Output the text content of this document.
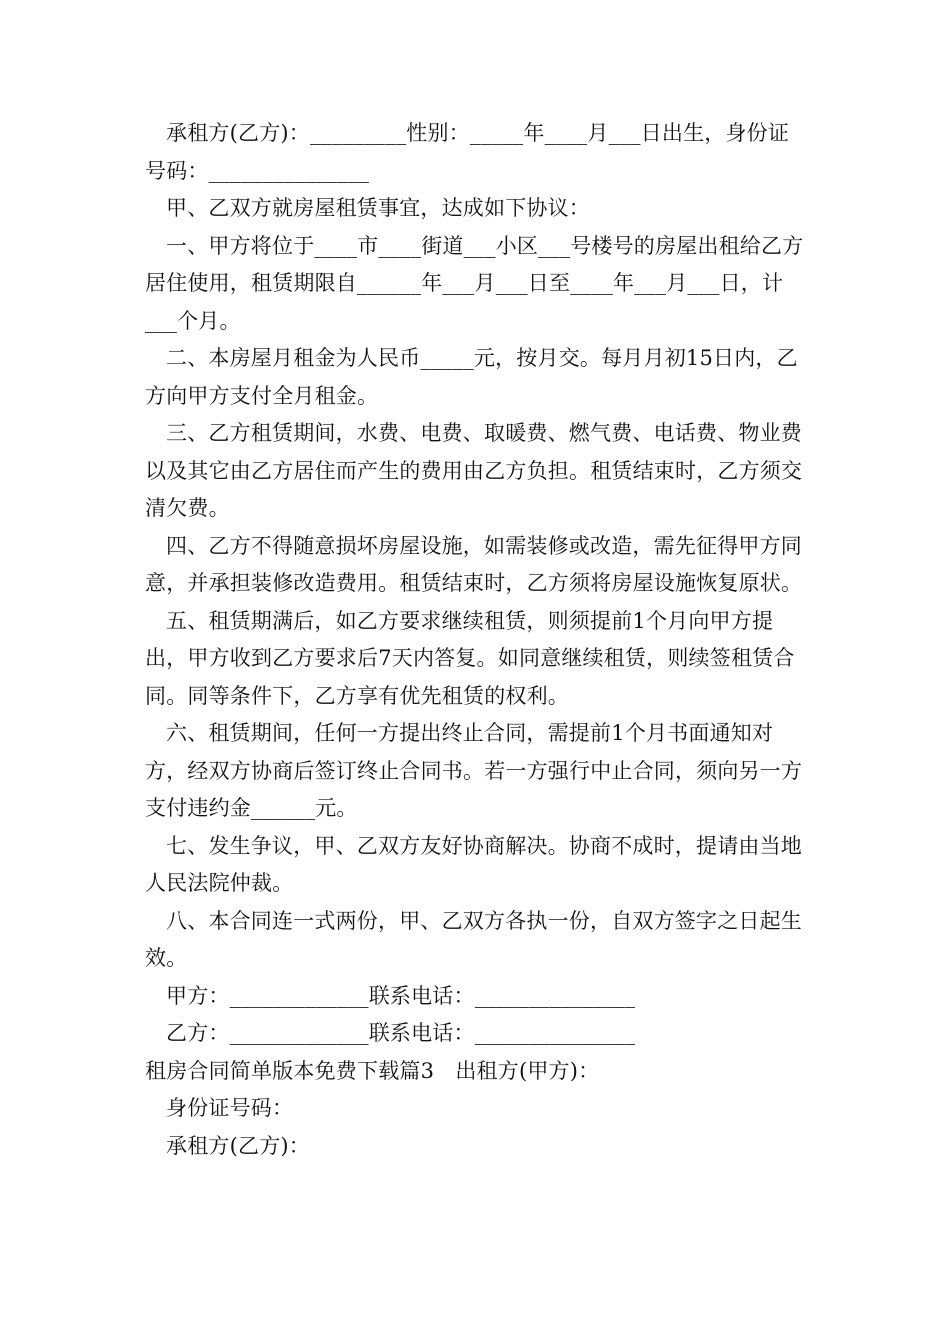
承租方(乙方)：_________性别：_____年____月___日出生，身份证号码：_______________

甲、乙双方就房屋租赁事宜，达成如下协议：

一、甲方将位于____市____街道___小区___号楼号的房屋出租给乙方居住使用，租赁期限自______年___月___日至____年___月___日，计___个月。

二、本房屋月租金为人民币_____元，按月交。每月月初15日内，乙方向甲方支付全月租金。

三、乙方租赁期间，水费、电费、取暖费、燃气费、电话费、物业费以及其它由乙方居住而产生的费用由乙方负担。租赁结束时，乙方须交清欠费。

四、乙方不得随意损坏房屋设施，如需装修或改造，需先征得甲方同意，并承担装修改造费用。租赁结束时，乙方须将房屋设施恢复原状。

五、租赁期满后，如乙方要求继续租赁，则须提前1个月向甲方提出，甲方收到乙方要求后7天内答复。如同意继续租赁，则续签租赁合同。同等条件下，乙方享有优先租赁的权利。

六、租赁期间，任何一方提出终止合同，需提前1个月书面通知对方，经双方协商后签订终止合同书。若一方强行中止合同，须向另一方支付违约金______元。

七、发生争议，甲、乙双方友好协商解决。协商不成时，提请由当地人民法院仲裁。

八、本合同连一式两份，甲、乙双方各执一份，自双方签字之日起生效。

甲方：_____________联系电话：_______________

乙方：_____________联系电话：_______________

租房合同简单版本免费下载篇3　出租方(甲方)：

身份证号码：

承租方(乙方)：
